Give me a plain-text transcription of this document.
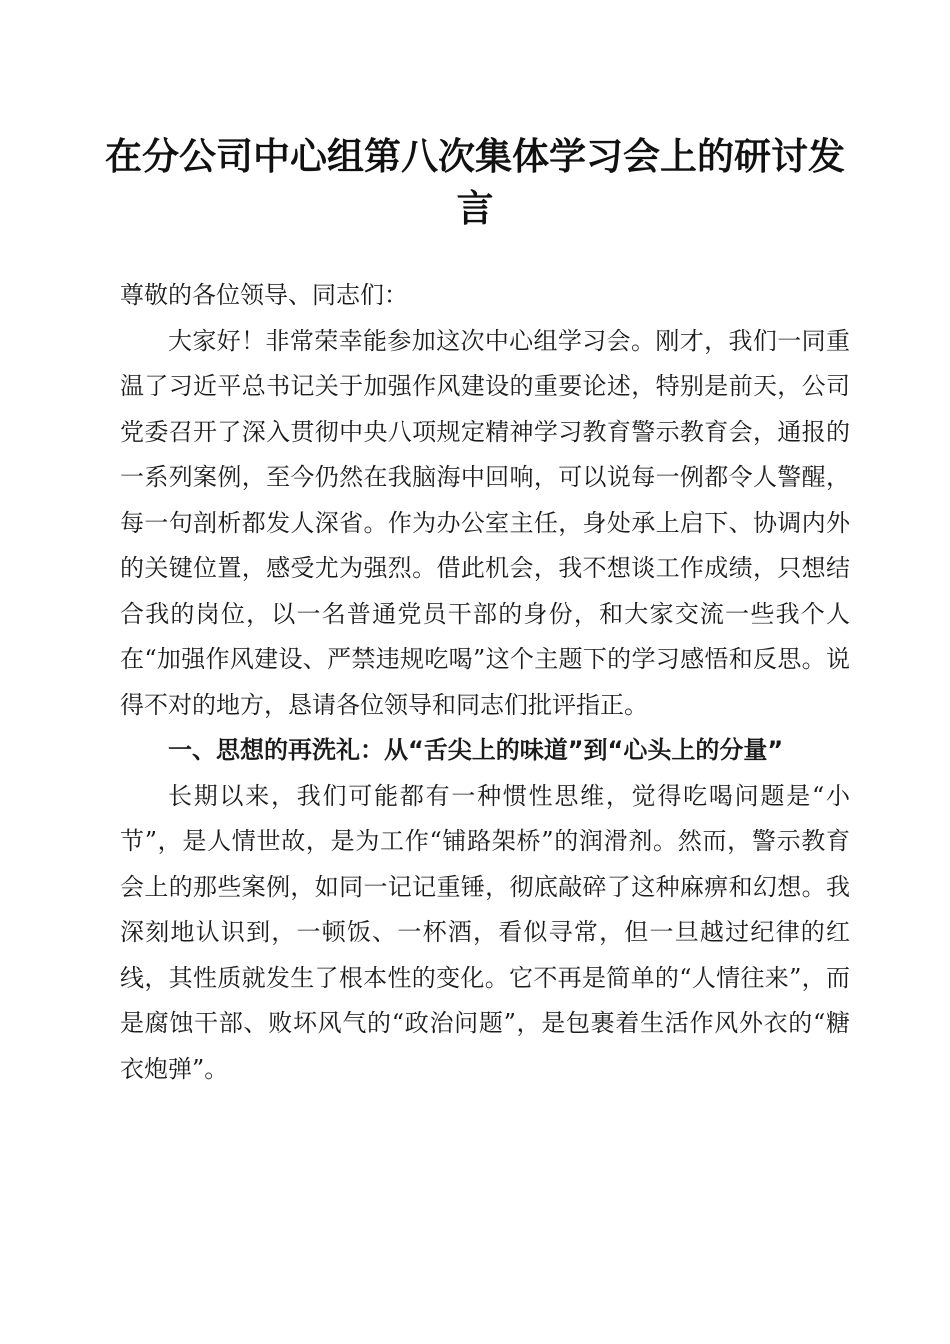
在分公司中心组第八次集体学习会上的研讨发言

尊敬的各位领导、同志们：

大家好！非常荣幸能参加这次中心组学习会。刚才，我们一同重温了习近平总书记关于加强作风建设的重要论述，特别是前天，公司党委召开了深入贯彻中央八项规定精神学习教育警示教育会，通报的一系列案例，至今仍然在我脑海中回响，可以说每一例都令人警醒，每一句剖析都发人深省。作为办公室主任，身处承上启下、协调内外的关键位置，感受尤为强烈。借此机会，我不想谈工作成绩，只想结合我的岗位，以一名普通党员干部的身份，和大家交流一些我个人在“加强作风建设、严禁违规吃喝”这个主题下的学习感悟和反思。说得不对的地方，恳请各位领导和同志们批评指正。

一、思想的再洗礼：从“舌尖上的味道”到“心头上的分量”

长期以来，我们可能都有一种惯性思维，觉得吃喝问题是“小节”，是人情世故，是为工作“铺路架桥”的润滑剂。然而，警示教育会上的那些案例，如同一记记重锤，彻底敲碎了这种麻痹和幻想。我深刻地认识到，一顿饭、一杯酒，看似寻常，但一旦越过纪律的红线，其性质就发生了根本性的变化。它不再是简单的“人情往来”，而是腐蚀干部、败坏风气的“政治问题”，是包裹着生活作风外衣的“糖衣炮弹”。
